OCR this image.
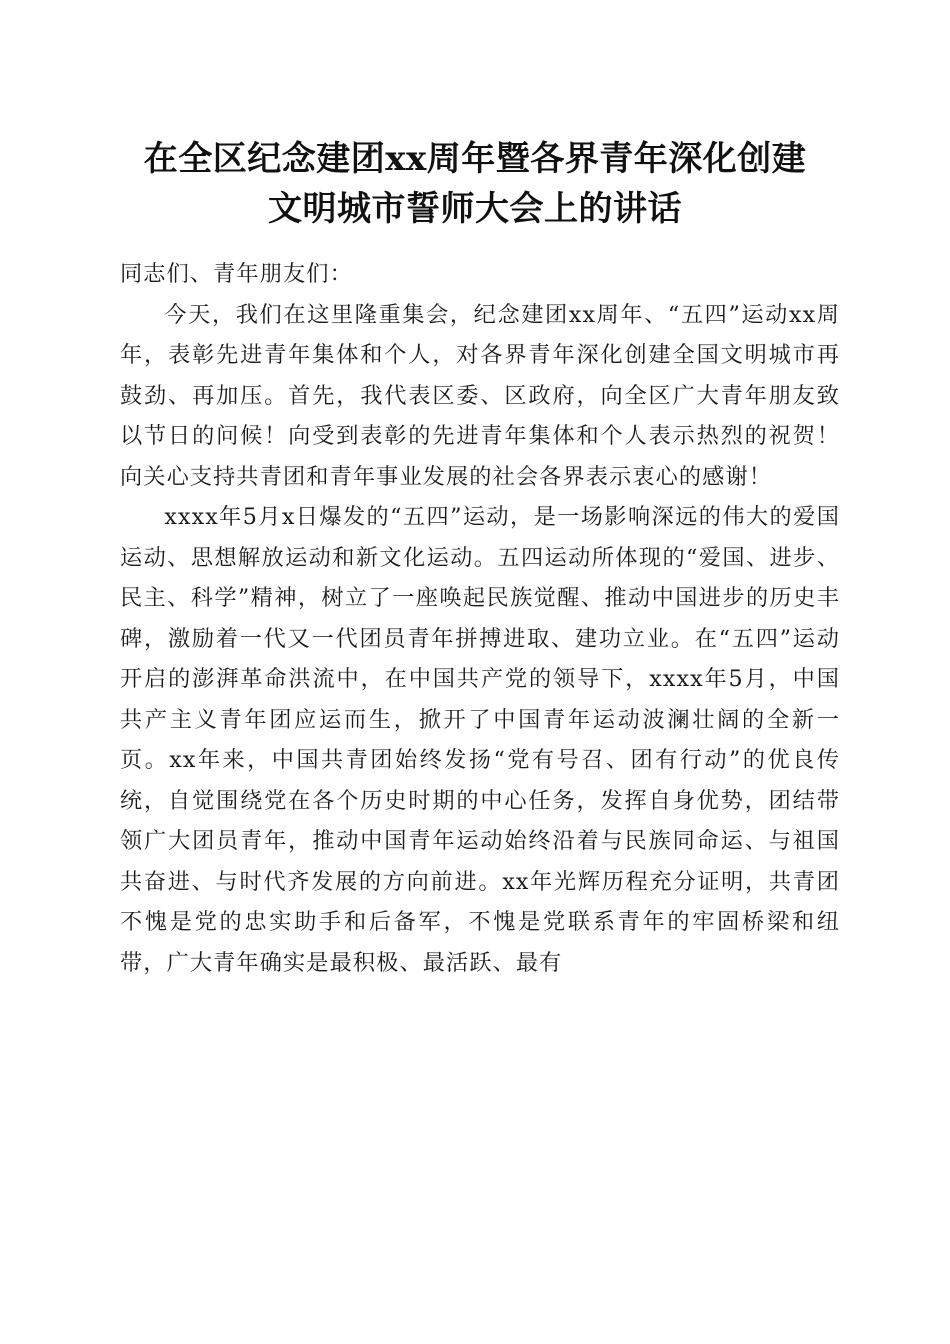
在全区纪念建团xx周年暨各界青年深化创建
文明城市誓师大会上的讲话

同志们、青年朋友们：

今天，我们在这里隆重集会，纪念建团xx周年、“五四”运动xx周年，表彰先进青年集体和个人，对各界青年深化创建全国文明城市再鼓劲、再加压。首先，我代表区委、区政府，向全区广大青年朋友致以节日的问候！向受到表彰的先进青年集体和个人表示热烈的祝贺！向关心支持共青团和青年事业发展的社会各界表示衷心的感谢！

xxxx年5月x日爆发的“五四”运动，是一场影响深远的伟大的爱国运动、思想解放运动和新文化运动。五四运动所体现的“爱国、进步、民主、科学”精神，树立了一座唤起民族觉醒、推动中国进步的历史丰碑，激励着一代又一代团员青年拼搏进取、建功立业。在“五四”运动开启的澎湃革命洪流中，在中国共产党的领导下，xxxx年5月，中国共产主义青年团应运而生，掀开了中国青年运动波澜壮阔的全新一页。xx年来，中国共青团始终发扬“党有号召、团有行动”的优良传统，自觉围绕党在各个历史时期的中心任务，发挥自身优势，团结带领广大团员青年，推动中国青年运动始终沿着与民族同命运、与祖国共奋进、与时代齐发展的方向前进。xx年光辉历程充分证明，共青团不愧是党的忠实助手和后备军，不愧是党联系青年的牢固桥梁和纽带，广大青年确实是最积极、最活跃、最有
